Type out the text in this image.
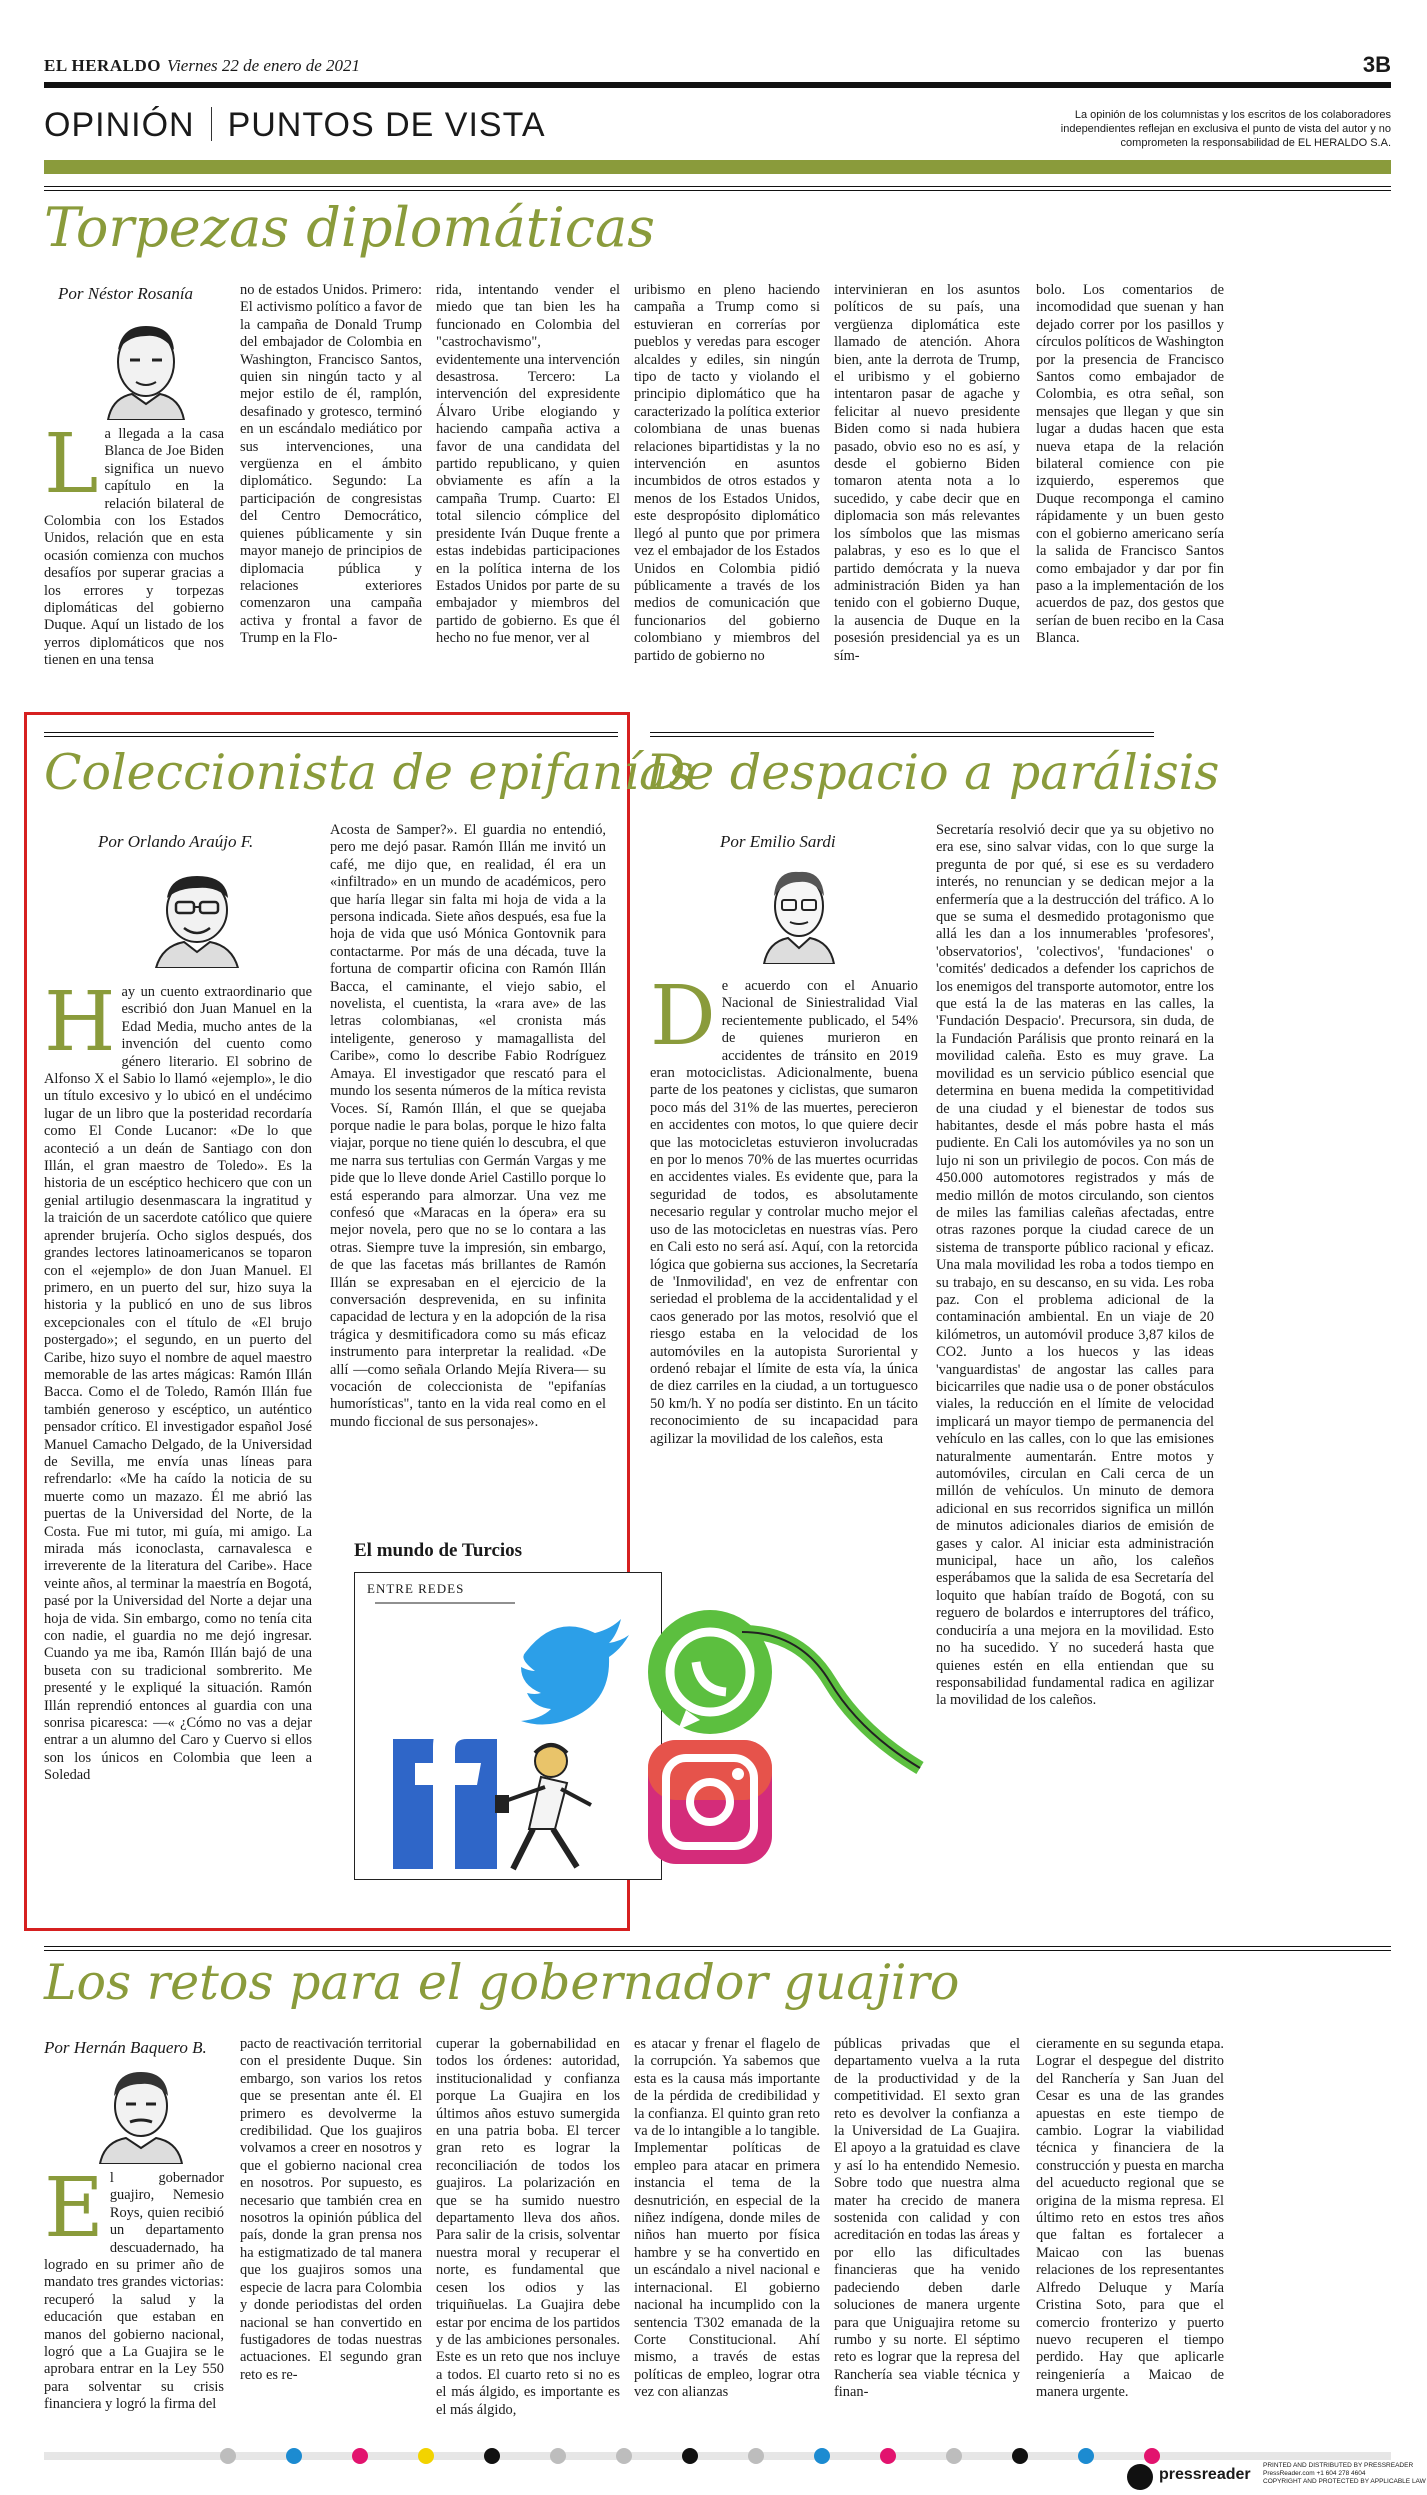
EL HERALDO Viernes 22 de enero de 2021	3B
OPINIÓN PUNTOS DE VISTA	La opinión de los columnistas y los escritos de los colaboradores independientes reflejan en exclusiva el punto de vista del autor y no comprometen la responsabilidad de EL HERALDO S.A.
Torpezas diplomáticas
Por Néstor Rosanía
La llegada a la casa Blanca de Joe Biden significa un nuevo capítulo en la relación bilateral de Colombia con los Estados Unidos, relación que en esta ocasión comienza con muchos desafíos por superar gracias a los errores y torpezas diplomáticas del gobierno Duque. Aquí un listado de los yerros diplomáticos que nos tienen en una tensa
no de estados Unidos. Primero: El activismo político a favor de la campaña de Donald Trump del embajador de Colombia en Washington, Francisco Santos, quien sin ningún tacto y al mejor estilo de él, ramplón, desafinado y grotesco, terminó en un escándalo mediático por sus intervenciones, una vergüenza en el ámbito diplomático. Segundo: La participación de congresistas del Centro Democrático, quienes públicamente y sin mayor manejo de principios de diplomacia pública y relaciones exteriores comenzaron una campaña activa y frontal a favor de Trump en la Flo-
rida, intentando vender el miedo que tan bien les ha funcionado en Colombia del "castrochavismo", evidentemente una intervención desastrosa. Tercero: La intervención del expresidente Álvaro Uribe elogiando y haciendo campaña activa a favor de una candidata del partido republicano, y quien obviamente es afín a la campaña Trump. Cuarto: El total silencio cómplice del presidente Iván Duque frente a estas indebidas participaciones en la política interna de los Estados Unidos por parte de su embajador y miembros del partido de gobierno. Es que él hecho no fue menor, ver al
uribismo en pleno haciendo campaña a Trump como si estuvieran en correrías por pueblos y veredas para escoger alcaldes y ediles, sin ningún tipo de tacto y violando el principio diplomático que ha caracterizado la política exterior colombiana de unas buenas relaciones bipartidistas y la no intervención en asuntos incumbidos de otros estados y menos de los Estados Unidos, este despropósito diplomático llegó al punto que por primera vez el embajador de los Estados Unidos en Colombia pidió públicamente a través de los medios de comunicación que funcionarios del gobierno colombiano y miembros del partido de gobierno no
intervinieran en los asuntos políticos de su país, una vergüenza diplomática este llamado de atención. Ahora bien, ante la derrota de Trump, el uribismo y el gobierno intentaron pasar de agache y felicitar al nuevo presidente Biden como si nada hubiera pasado, obvio eso no es así, y desde el gobierno Biden tomaron atenta nota a lo sucedido, y cabe decir que en diplomacia son más relevantes los símbolos que las mismas palabras, y eso es lo que el partido demócrata y la nueva administración Biden ya han tenido con el gobierno Duque, la ausencia de Duque en la posesión presidencial ya es un sím-
bolo. Los comentarios de incomodidad que suenan y han dejado correr por los pasillos y círculos políticos de Washington por la presencia de Francisco Santos como embajador de Colombia, es otra señal, son mensajes que llegan y que sin lugar a dudas hacen que esta nueva etapa de la relación bilateral comience con pie izquierdo, esperemos que Duque recomponga el camino rápidamente y un buen gesto con el gobierno americano sería la salida de Francisco Santos como embajador y dar por fin paso a la implementación de los acuerdos de paz, dos gestos que serían de buen recibo en la Casa Blanca.
Coleccionista de epifanías
Por Orlando Araújo F.
Hay un cuento extraordinario que escribió don Juan Manuel en la Edad Media, mucho antes de la invención del cuento como género literario. El sobrino de Alfonso X el Sabio lo llamó «ejemplo», le dio un título excesivo y lo ubicó en el undécimo lugar de un libro que la posteridad recordaría como El Conde Lucanor: «De lo que aconteció a un deán de Santiago con don Illán, el gran maestro de Toledo». Es la historia de un escéptico hechicero que con un genial artilugio desenmascara la ingratitud y la traición de un sacerdote católico que quiere aprender brujería. Ocho siglos después, dos grandes lectores latinoamericanos se toparon con el «ejemplo» de don Juan Manuel. El primero, en un puerto del sur, hizo suya la historia y la publicó en uno de sus libros excepcionales con el título de «El brujo postergado»; el segundo, en un puerto del Caribe, hizo suyo el nombre de aquel maestro memorable de las artes mágicas: Ramón Illán Bacca. Como el de Toledo, Ramón Illán fue también generoso y escéptico, un auténtico pensador crítico. El investigador español José Manuel Camacho Delgado, de la Universidad de Sevilla, me envía unas líneas para refrendarlo: «Me ha caído la noticia de su muerte como un mazazo. Él me abrió las puertas de la Universidad del Norte, de la Costa. Fue mi tutor, mi guía, mi amigo. La mirada más iconoclasta, carnavalesca e irreverente de la literatura del Caribe». Hace veinte años, al terminar la maestría en Bogotá, pasé por la Universidad del Norte a dejar una hoja de vida. Sin embargo, como no tenía cita con nadie, el guardia no me dejó ingresar. Cuando ya me iba, Ramón Illán bajó de una buseta con su tradicional sombrerito. Me presenté y le expliqué la situación. Ramón Illán reprendió entonces al guardia con una sonrisa picaresca: —« ¿Cómo no vas a dejar entrar a un alumno del Caro y Cuervo si ellos son los únicos en Colombia que leen a Soledad
Acosta de Samper?». El guardia no entendió, pero me dejó pasar. Ramón Illán me invitó un café, me dijo que, en realidad, él era un «infiltrado» en un mundo de académicos, pero que haría llegar sin falta mi hoja de vida a la persona indicada. Siete años después, esa fue la hoja de vida que usó Mónica Gontovnik para contactarme. Por más de una década, tuve la fortuna de compartir oficina con Ramón Illán Bacca, el caminante, el viejo sabio, el novelista, el cuentista, la «rara ave» de las letras colombianas, «el cronista más inteligente, generoso y mamagallista del Caribe», como lo describe Fabio Rodríguez Amaya. El investigador que rescató para el mundo los sesenta números de la mítica revista Voces. Sí, Ramón Illán, el que se quejaba porque nadie le para bolas, porque le hizo falta viajar, porque no tiene quién lo descubra, el que me narra sus tertulias con Germán Vargas y me pide que lo lleve donde Ariel Castillo porque lo está esperando para almorzar. Una vez me confesó que «Maracas en la ópera» era su mejor novela, pero que no se lo contara a las otras. Siempre tuve la impresión, sin embargo, de que las facetas más brillantes de Ramón Illán se expresaban en el ejercicio de la conversación desprevenida, en su infinita capacidad de lectura y en la adopción de la risa trágica y desmitificadora como su más eficaz instrumento para interpretar la realidad. «De allí —como señala Orlando Mejía Rivera— su vocación de coleccionista de "epifanías humorísticas", tanto en la vida real como en el mundo ficcional de sus personajes».
El mundo de Turcios
ENTRE REDES
De despacio a parálisis
Por Emilio Sardi
De acuerdo con el Anuario Nacional de Siniestralidad Vial recientemente publicado, el 54% de quienes murieron en accidentes de tránsito en 2019 eran motociclistas. Adicionalmente, buena parte de los peatones y ciclistas, que sumaron poco más del 31% de las muertes, perecieron en accidentes con motos, lo que quiere decir que las motocicletas estuvieron involucradas en por lo menos 70% de las muertes ocurridas en accidentes viales. Es evidente que, para la seguridad de todos, es absolutamente necesario regular y controlar mucho mejor el uso de las motocicletas en nuestras vías. Pero en Cali esto no será así. Aquí, con la retorcida lógica que gobierna sus acciones, la Secretaría de 'Inmovilidad', en vez de enfrentar con seriedad el problema de la accidentalidad y el caos generado por las motos, resolvió que el riesgo estaba en la velocidad de los automóviles en la autopista Suroriental y ordenó rebajar el límite de esta vía, la única de diez carriles en la ciudad, a un tortuguesco 50 km/h. Y no podía ser distinto. En un tácito reconocimiento de su incapacidad para agilizar la movilidad de los caleños, esta
Secretaría resolvió decir que ya su objetivo no era ese, sino salvar vidas, con lo que surge la pregunta de por qué, si ese es su verdadero interés, no renuncian y se dedican mejor a la enfermería que a la destrucción del tráfico. A lo que se suma el desmedido protagonismo que allá les dan a los innumerables 'profesores', 'observatorios', 'colectivos', 'fundaciones' o 'comités' dedicados a defender los caprichos de los enemigos del transporte automotor, entre los que está la de las materas en las calles, la 'Fundación Despacio'. Precursora, sin duda, de la Fundación Parálisis que pronto reinará en la movilidad caleña. Esto es muy grave. La movilidad es un servicio público esencial que determina en buena medida la competitividad de una ciudad y el bienestar de todos sus habitantes, desde el más pobre hasta el más pudiente. En Cali los automóviles ya no son un lujo ni son un privilegio de pocos. Con más de 450.000 automotores registrados y más de medio millón de motos circulando, son cientos de miles las familias caleñas afectadas, entre otras razones porque la ciudad carece de un sistema de transporte público racional y eficaz. Una mala movilidad les roba a todos tiempo en su trabajo, en su descanso, en su vida. Les roba paz. Con el problema adicional de la contaminación ambiental. En un viaje de 20 kilómetros, un automóvil produce 3,87 kilos de CO2. Junto a los huecos y las ideas 'vanguardistas' de angostar las calles para bicicarriles que nadie usa o de poner obstáculos viales, la reducción en el límite de velocidad implicará un mayor tiempo de permanencia del vehículo en las calles, con lo que las emisiones naturalmente aumentarán. Entre motos y automóviles, circulan en Cali cerca de un millón de vehículos. Un minuto de demora adicional en sus recorridos significa un millón de minutos adicionales diarios de emisión de gases y calor. Al iniciar esta administración municipal, hace un año, los caleños esperábamos que la salida de esa Secretaría del loquito que habían traído de Bogotá, con su reguero de bolardos e interruptores del tráfico, conduciría a una mejora en la movilidad. Esto no ha sucedido. Y no sucederá hasta que quienes estén en ella entiendan que su responsabilidad fundamental radica en agilizar la movilidad de los caleños.
Los retos para el gobernador guajiro
Por Hernán Baquero B.
El gobernador guajiro, Nemesio Roys, quien recibió un departamento descuadernado, ha logrado en su primer año de mandato tres grandes victorias: recuperó la salud y la educación que estaban en manos del gobierno nacional, logró que a La Guajira se le aprobara entrar en la Ley 550 para solventar su crisis financiera y logró la firma del
pacto de reactivación territorial con el presidente Duque. Sin embargo, son varios los retos que se presentan ante él. El primero es devolverme la credibilidad. Que los guajiros volvamos a creer en nosotros y que el gobierno nacional crea en nosotros. Por supuesto, es necesario que también crea en nosotros la opinión pública del país, donde la gran prensa nos ha estigmatizado de tal manera que los guajiros somos una especie de lacra para Colombia y donde periodistas del orden nacional se han convertido en fustigadores de todas nuestras actuaciones. El segundo gran reto es re-
cuperar la gobernabilidad en todos los órdenes: autoridad, institucionalidad y confianza porque La Guajira en los últimos años estuvo sumergida en una patria boba. El tercer gran reto es lograr la reconciliación de todos los guajiros. La polarización en que se ha sumido nuestro departamento lleva dos años. Para salir de la crisis, solventar nuestra moral y recuperar el norte, es fundamental que cesen los odios y las triquiñuelas. La Guajira debe estar por encima de los partidos y de las ambiciones personales. Este es un reto que nos incluye a todos. El cuarto reto si no es el más álgido, es importante es el más álgido,
es atacar y frenar el flagelo de la corrupción. Ya sabemos que esta es la causa más importante de la pérdida de credibilidad y la confianza. El quinto gran reto va de lo intangible a lo tangible. Implementar políticas de empleo para atacar en primera instancia el tema de la desnutrición, en especial de la niñez indígena, donde miles de niños han muerto por física hambre y se ha convertido en un escándalo a nivel nacional e internacional. El gobierno nacional ha incumplido con la sentencia T302 emanada de la Corte Constitucional. Ahí mismo, a través de estas políticas de empleo, lograr otra vez con alianzas
públicas privadas que el departamento vuelva a la ruta de la productividad y de la competitividad. El sexto gran reto es devolver la confianza a la Universidad de La Guajira. El apoyo a la gratuidad es clave y así lo ha entendido Nemesio. Sobre todo que nuestra alma mater ha crecido de manera sostenida con calidad y con acreditación en todas las áreas y por ello las dificultades financieras que ha venido padeciendo deben darle soluciones de manera urgente para que Uniguajira retome su rumbo y su norte. El séptimo reto es lograr que la represa del Ranchería sea viable técnica y finan-
cieramente en su segunda etapa. Lograr el despegue del distrito del Ranchería y San Juan del Cesar es una de las grandes apuestas en este tiempo de cambio. Lograr la viabilidad técnica y financiera de la construcción y puesta en marcha del acueducto regional que se origina de la misma represa. El último reto en estos tres años que faltan es fortalecer a Maicao con las buenas relaciones de los representantes Alfredo Deluque y María Cristina Soto, para que el comercio fronterizo y puerto nuevo recuperen el tiempo perdido. Hay que aplicarle reingeniería a Maicao de manera urgente.
pressreader
PRINTED AND DISTRIBUTED BY PRESSREADER
PressReader.com +1 604 278 4604
COPYRIGHT AND PROTECTED BY APPLICABLE LAW
